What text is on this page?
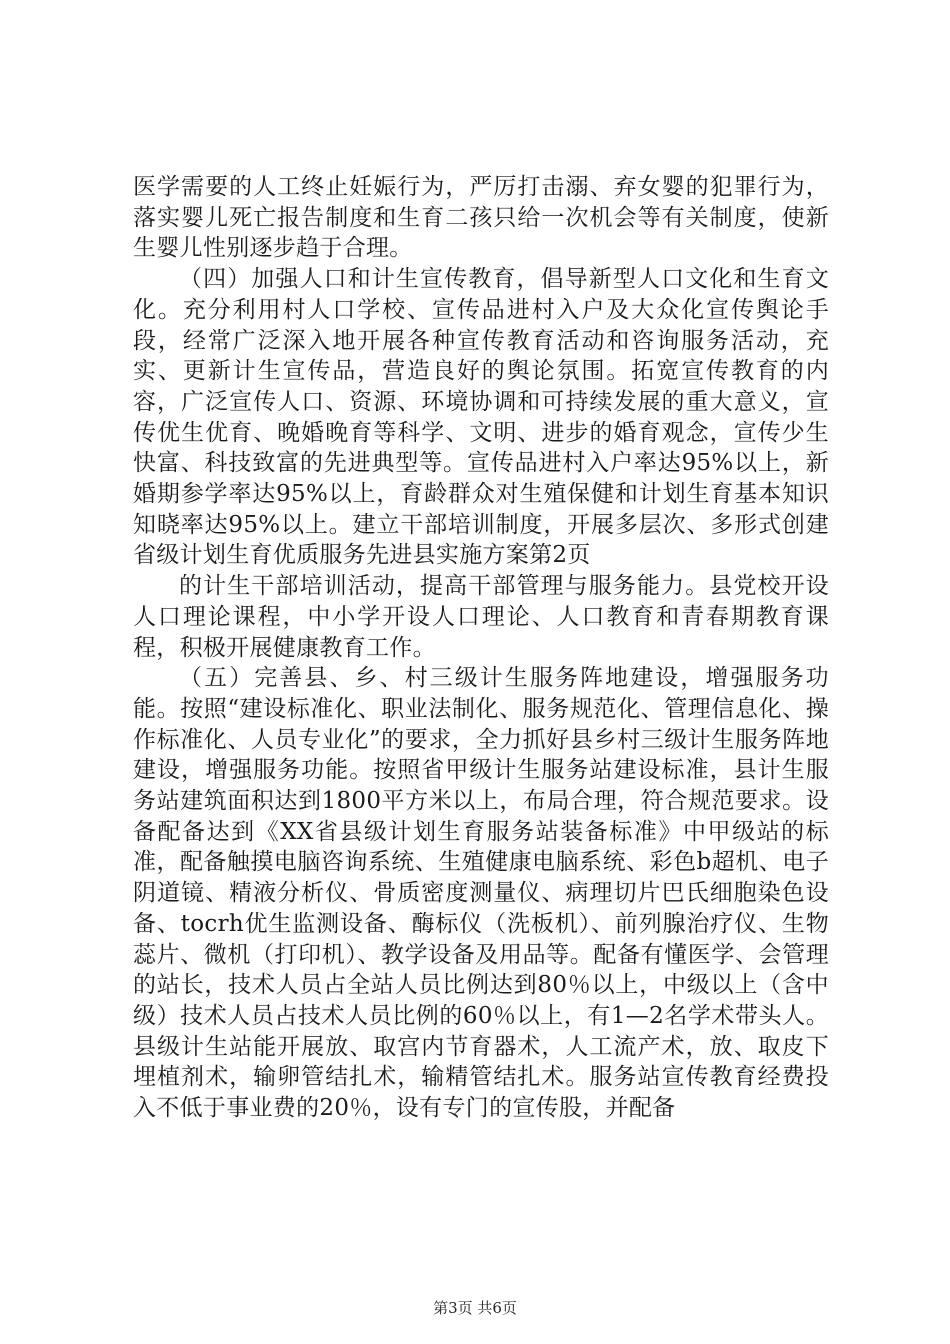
医学需要的人工终止妊娠行为，严厉打击溺、弃女婴的犯罪行为，落实婴儿死亡报告制度和生育二孩只给一次机会等有关制度，使新生婴儿性别逐步趋于合理。

（四）加强人口和计生宣传教育，倡导新型人口文化和生育文化。充分利用村人口学校、宣传品进村入户及大众化宣传舆论手段，经常广泛深入地开展各种宣传教育活动和咨询服务活动，充实、更新计生宣传品，营造良好的舆论氛围。拓宽宣传教育的内容，广泛宣传人口、资源、环境协调和可持续发展的重大意义，宣传优生优育、晚婚晚育等科学、文明、进步的婚育观念，宣传少生快富、科技致富的先进典型等。宣传品进村入户率达95%以上，新婚期参学率达95%以上，育龄群众对生殖保健和计划生育基本知识知晓率达95%以上。建立干部培训制度，开展多层次、多形式创建省级计划生育优质服务先进县实施方案第2页

的计生干部培训活动，提高干部管理与服务能力。县党校开设人口理论课程，中小学开设人口理论、人口教育和青春期教育课程，积极开展健康教育工作。

（五）完善县、乡、村三级计生服务阵地建设，增强服务功能。按照“建设标准化、职业法制化、服务规范化、管理信息化、操作标准化、人员专业化”的要求，全力抓好县乡村三级计生服务阵地建设，增强服务功能。按照省甲级计生服务站建设标准，县计生服务站建筑面积达到1800平方米以上，布局合理，符合规范要求。设备配备达到《XX省县级计划生育服务站装备标准》中甲级站的标准，配备触摸电脑咨询系统、生殖健康电脑系统、彩色b超机、电子阴道镜、精液分析仪、骨质密度测量仪、病理切片巴氏细胞染色设备、tocrh优生监测设备、酶标仪（洗板机）、前列腺治疗仪、生物蕊片、微机（打印机）、教学设备及用品等。配备有懂医学、会管理的站长，技术人员占全站人员比例达到80％以上，中级以上（含中级）技术人员占技术人员比例的60％以上，有1—2名学术带头人。县级计生站能开展放、取宫内节育器术，人工流产术，放、取皮下埋植剂术，输卵管结扎术，输精管结扎术。服务站宣传教育经费投入不低于事业费的20％，设有专门的宣传股，并配备

第3页 共6页
